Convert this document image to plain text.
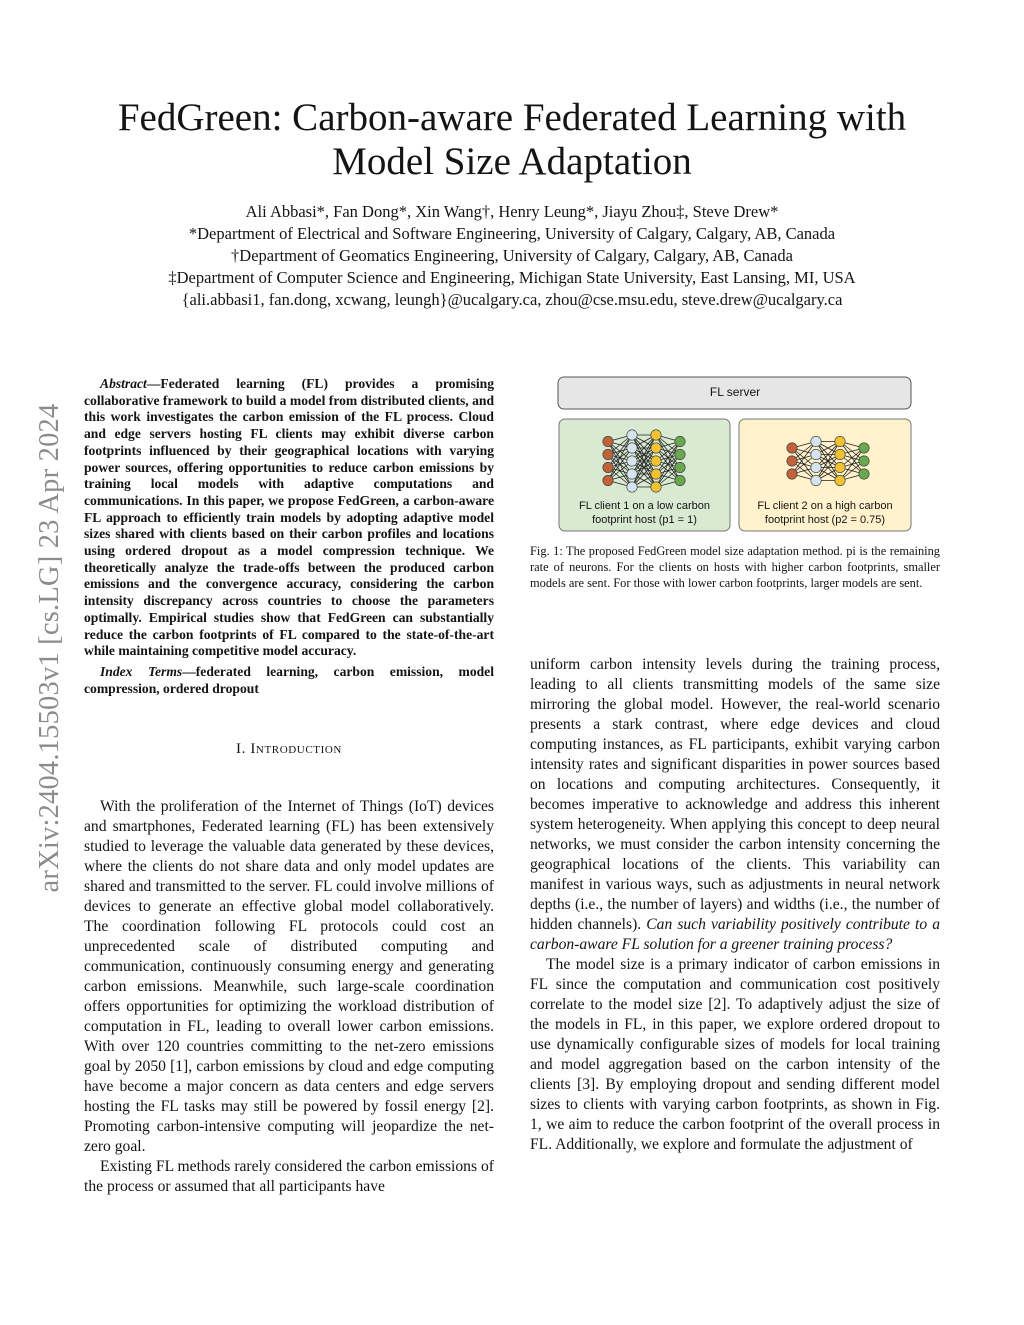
arXiv:2404.15503v1 [cs.LG] 23 Apr 2024
FedGreen: Carbon-aware Federated Learning with
Model Size Adaptation
Ali Abbasi*, Fan Dong*, Xin Wang†, Henry Leung*, Jiayu Zhou‡, Steve Drew*
*Department of Electrical and Software Engineering, University of Calgary, Calgary, AB, Canada
†Department of Geomatics Engineering, University of Calgary, Calgary, AB, Canada
‡Department of Computer Science and Engineering, Michigan State University, East Lansing, MI, USA
{ali.abbasi1, fan.dong, xcwang, leungh}@ucalgary.ca, zhou@cse.msu.edu, steve.drew@ucalgary.ca

Abstract—Federated learning (FL) provides a promising collaborative framework to build a model from distributed clients, and this work investigates the carbon emission of the FL process. Cloud and edge servers hosting FL clients may exhibit diverse carbon footprints influenced by their geographical locations with varying power sources, offering opportunities to reduce carbon emissions by training local models with adaptive computations and communications. In this paper, we propose FedGreen, a carbon-aware FL approach to efficiently train models by adopting adaptive model sizes shared with clients based on their carbon profiles and locations using ordered dropout as a model compression technique. We theoretically analyze the trade-offs between the produced carbon emissions and the convergence accuracy, considering the carbon intensity discrepancy across countries to choose the parameters optimally. Empirical studies show that FedGreen can substantially reduce the carbon footprints of FL compared to the state-of-the-art while maintaining competitive model accuracy.

Index Terms—federated learning, carbon emission, model compression, ordered dropout

I. Introduction

With the proliferation of the Internet of Things (IoT) devices and smartphones, Federated learning (FL) has been extensively studied to leverage the valuable data generated by these devices, where the clients do not share data and only model updates are shared and transmitted to the server. FL could involve millions of devices to generate an effective global model collaboratively. The coordination following FL protocols could cost an unprecedented scale of distributed computing and communication, continuously consuming energy and generating carbon emissions. Meanwhile, such large-scale coordination offers opportunities for optimizing the workload distribution of computation in FL, leading to overall lower carbon emissions. With over 120 countries committing to the net-zero emissions goal by 2050 [1], carbon emissions by cloud and edge computing have become a major concern as data centers and edge servers hosting the FL tasks may still be powered by fossil energy [2]. Promoting carbon-intensive computing will jeopardize the net-zero goal.

Existing FL methods rarely considered the carbon emissions of the process or assumed that all participants have

FL server
FL client 1 on a low carbon
footprint host (p1 = 1)
FL client 2 on a high carbon
footprint host (p2 = 0.75)
Fig. 1: The proposed FedGreen model size adaptation method. pi is the remaining rate of neurons. For the clients on hosts with higher carbon footprints, smaller models are sent. For those with lower carbon footprints, larger models are sent.

uniform carbon intensity levels during the training process, leading to all clients transmitting models of the same size mirroring the global model. However, the real-world scenario presents a stark contrast, where edge devices and cloud computing instances, as FL participants, exhibit varying carbon intensity rates and significant disparities in power sources based on locations and computing architectures. Consequently, it becomes imperative to acknowledge and address this inherent system heterogeneity. When applying this concept to deep neural networks, we must consider the carbon intensity concerning the geographical locations of the clients. This variability can manifest in various ways, such as adjustments in neural network depths (i.e., the number of layers) and widths (i.e., the number of hidden channels). Can such variability positively contribute to a carbon-aware FL solution for a greener training process?

The model size is a primary indicator of carbon emissions in FL since the computation and communication cost positively correlate to the model size [2]. To adaptively adjust the size of the models in FL, in this paper, we explore ordered dropout to use dynamically configurable sizes of models for local training and model aggregation based on the carbon intensity of the clients [3]. By employing dropout and sending different model sizes to clients with varying carbon footprints, as shown in Fig. 1, we aim to reduce the carbon footprint of the overall process in FL. Additionally, we explore and formulate the adjustment of
